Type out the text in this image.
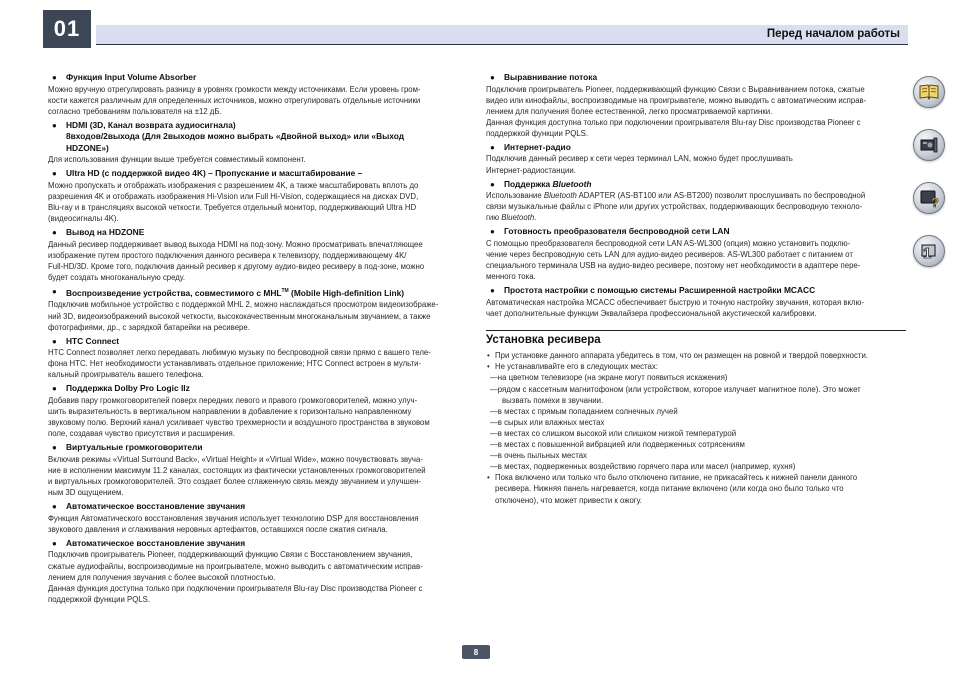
01	Перед началом работы
● Функция Input Volume Absorber

Можно вручную отрегулировать разницу в уровнях громкости между источниками. Если уровень гром-

кости кажется различным для определенных источников, можно отрегулировать отдельные источники

согласно требованиям пользователя на ±12 дБ.

● HDMI (3D, Канал возврата аудиосигнала)
8входов/2выхода (Для 2выходов можно выбрать «Двойной выход» или «Выход
HDZONE»)

Для использования функции выше требуется совместимый компонент.

● Ultra HD (с поддержкой видео 4K) – Пропускание и масштабирование –

Можно пропускать и отображать изображения с разрешением 4K, а также масштабировать вплоть до

разрешения 4K и отображать изображения Hi-Vision или Full Hi-Vision, содержащиеся на дисках DVD,

Blu-ray и в трансляциях высокой четкости. Требуется отдельный монитор, поддерживающий Ultra HD

(видеосигналы 4K).

● Вывод на HDZONE

Данный ресивер поддерживает вывод выхода HDMI на под-зону. Можно просматривать впечатляющее

изображение путем простого подключения данного ресивера к телевизору, поддерживающему 4K/

Full-HD/3D. Кроме того, подключив данный ресивер к другому аудио-видео ресиверу в под-зоне, можно

будет создать многоканальную среду.

● Воспроизведение устройства, совместимого с MHL™ (Mobile High-definition Link)

Подключив мобильное устройство с поддержкой MHL 2, можно наслаждаться просмотром видеоизображе-

ний 3D, видеоизображений высокой четкости, высококачественным многоканальным звучанием, а также

фотографиями, др., с зарядкой батарейки на ресивере.

● HTC Connect

HTC Connect позволяет легко передавать любимую музыку по беспроводной связи прямо с вашего теле-

фона HTC. Нет необходимости устанавливать отдельное приложение; HTC Connect встроен в мульти-

кальный проигрыватель вашего телефона.

● Поддержка Dolby Pro Logic IIz

Добавив пару громкоговорителей поверх передних левого и правого громкоговорителей, можно улуч-

шить выразительность в вертикальном направлении в добавление к горизонтально направленному

звуковому полю. Верхний канал усиливает чувство трехмерности и воздушного пространства в звуковом

поле, создавая чувство присутствия и расширения.

● Виртуальные громкоговорители

Включив режимы «Virtual Surround Back», «Virtual Height» и «Virtual Wide», можно почувствовать звуча-

ние в исполнении максимум 11.2 каналах, состоящих из фактически установленных громкоговорителей

и виртуальных громкоговорителей. Это создает более сглаженную связь между звучанием и улучшен-

ным 3D ощущением.

● Автоматическое восстановление звучания

Функция Автоматического восстановления звучания использует технологию DSP для восстановления

звукового давления и сглаживания неровных артефактов, оставшихся после сжатия сигнала.

● Автоматическое восстановление звучания

Подключив проигрыватель Pioneer, поддерживающий функцию Связи с Восстановлением звучания,

сжатые аудиофайлы, воспроизводимые на проигрывателе, можно выводить с автоматическим исправ-

лением для получения звучания с более высокой плотностью.

Данная функция доступна только при подключении проигрывателя Blu-ray Disc производства Pioneer с

поддержкой функции PQLS.

● Выравнивание потока

Подключив проигрыватель Pioneer, поддерживающий функцию Связи с Выравниванием потока, сжатые

видео или кинофайлы, воспроизводимые на проигрывателе, можно выводить с автоматическим исправ-

лением для получения более естественной, легко просматриваемой картинки.

Данная функция доступна только при подключении проигрывателя Blu-ray Disc производства Pioneer с

поддержкой функции PQLS.

● Интернет-радио

Подключив данный ресивер к сети через терминал LAN, можно будет прослушивать

Интернет-радиостанции.

● Поддержка Bluetooth

Использование Bluetooth ADAPTER (AS-BT100 или AS-BT200) позволит прослушивать по беспроводной

связи музыкальные файлы с iPhone или других устройствах, поддерживающих беспроводную техноло-

гию Bluetooth.

● Готовность преобразователя беспроводной сети LAN

С помощью преобразователя беспроводной сети LAN AS-WL300 (опция) можно установить подклю-

чение через беспроводную сеть LAN для аудио-видео ресиверов. AS-WL300 работает с питанием от

специального терминала USB на аудио-видео ресивере, поэтому нет необходимости в адаптере пере-

менного тока.

● Простота настройки с помощью системы Расширенной настройки MCACC

Автоматическая настройка MCACC обеспечивает быструю и точную настройку звучания, которая вклю-

чает дополнительные функции Эквалайзера профессиональной акустической калибровки.

Установка ресивера
• При установке данного аппарата убедитесь в том, что он размещен на ровной и твердой поверхности.
• Не устанавливайте его в следующих местах:
—на цветном телевизоре (на экране могут появиться искажения)
—рядом с кассетным магнитофоном (или устройством, которое излучает магнитное поле). Это может
вызвать помехи в звучании.
—в местах с прямым попаданием солнечных лучей
—в сырых или влажных местах
—в местах со слишком высокой или слишком низкой температурой
—в местах с повышенной вибрацией или подверженных сотрясениям
—в очень пыльных местах
—в местах, подверженных воздействию горячего пара или масел (например, кухня)
• Пока включено или только что было отключено питание, не прикасайтесь к нижней панели данного
ресивера. Нижняя панель нагревается, когда питание включено (или когда оно было только что
отключено), что может привести к ожогу.
?
1
8
